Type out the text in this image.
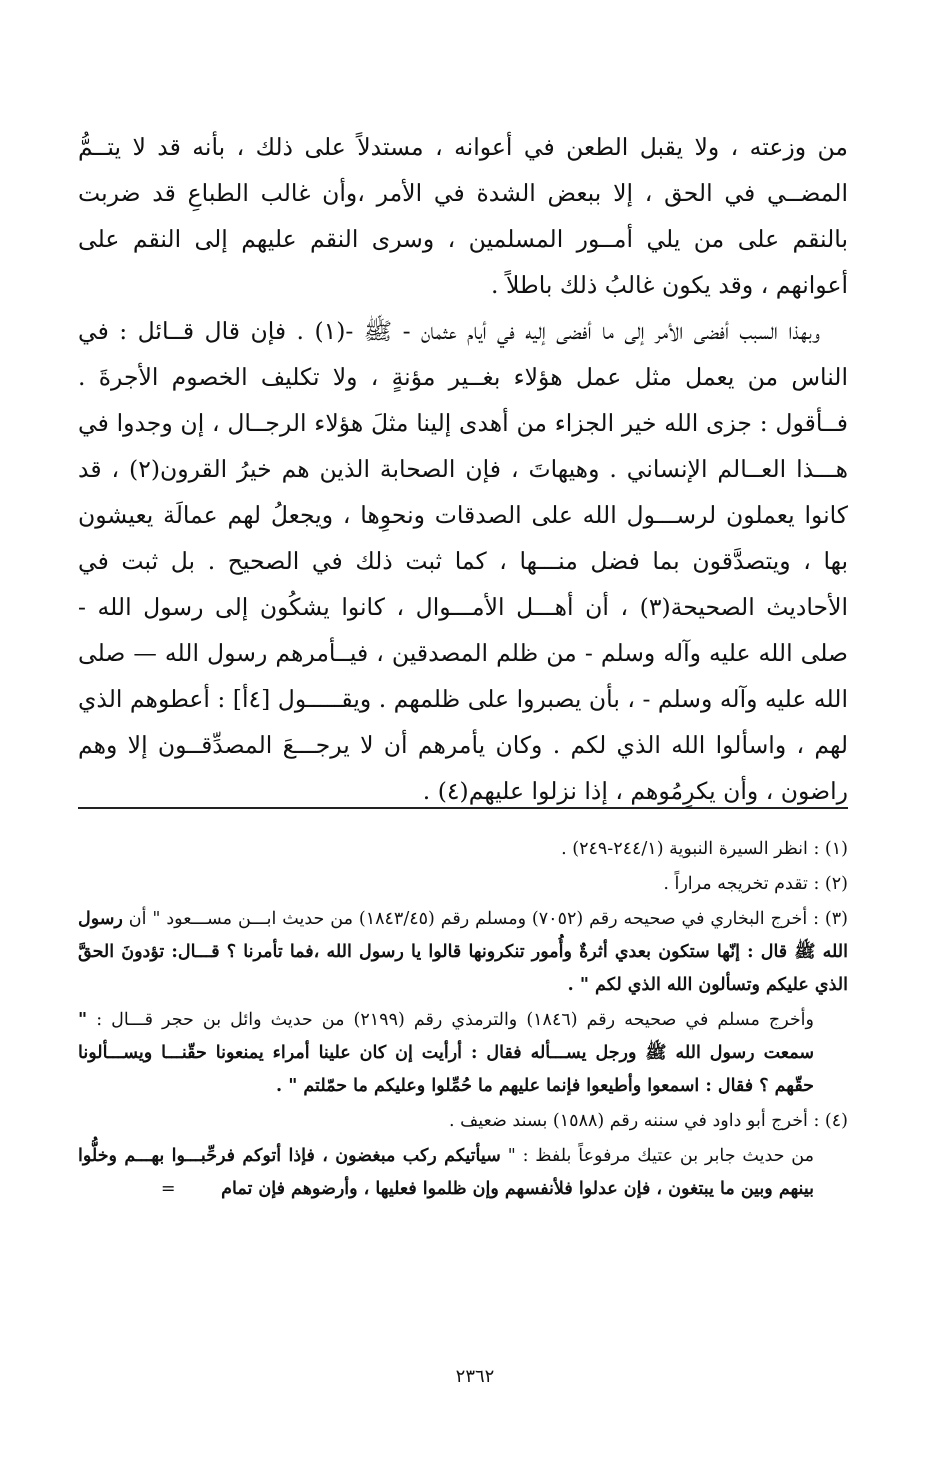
من وزعته ، ولا يقبل الطعن في أعوانه ، مستدلاً على ذلك ، بأنه قد لا يتــمُّ المضــي في الحق ، إلا ببعض الشدة في الأمر ،وأن غالب الطباعِ قد ضربت بالنقم على من يلي أمــور المسلمين ، وسرى النقم عليهم إلى النقم على أعوانهم ، وقد يكون غالبُ ذلك باطلاً .

وبهذا السبب أفضى الأمر إلى ما أفضى إليه في أيام عثمان - ﷺ -(١) . فإن قال قــائل : في الناس من يعمل مثل عمل هؤلاء بغــير مؤنةٍ ، ولا تكليف الخصوم الأجرةَ . فــأقول : جزى الله خير الجزاء من أهدى إلينا مثلَ هؤلاء الرجــال ، إن وجدوا في هـــذا العــالم الإنساني . وهيهاتَ ، فإن الصحابة الذين هم خيرُ القرون(٢) ، قد كانوا يعملون لرســـول الله على الصدقات ونحوِها ، ويجعلُ لهم عمالَة يعيشون بها ، ويتصدَّقون بما فضل منـــها ، كما ثبت ذلك في الصحيح . بل ثبت في الأحاديث الصحيحة(٣) ، أن أهـــل الأمـــوال ، كانوا يشكُون إلى رسول الله - صلى الله عليه وآله وسلم - من ظلم المصدقين ، فيــأمرهم رسول الله — صلى الله عليه وآله وسلم - ، بأن يصبروا على ظلمهم . ويقـــــول [٤أ] : أعطوهم الذي لهم ، واسألوا الله الذي لكم . وكان يأمرهم أن لا يرجـــعَ المصدِّقــون إلا وهم راضون ، وأن يكرِمُوهم ، إذا نزلوا عليهم(٤) .

(١) : انظر السيرة النبوية (٢٤٤/١-٢٤٩) .

(٢) : تقدم تخريجه مراراً .

(٣) : أخرج البخاري في صحيحه رقم (٧٠٥٢) ومسلم رقم (١٨٤٣/٤٥) من حديث ابـــن مســـعود " أن رسول الله ﷺ قال : إنّها ستكون بعدي أثرةٌ وأُمور تنكرونها قالوا يا رسول الله ،فما تأمرنا ؟ قـــال: تؤدونَ الحقَّ الذي عليكم وتسألون الله الذي لكم " .

وأخرج مسلم في صحيحه رقم (١٨٤٦) والترمذي رقم (٢١٩٩) من حديث وائل بن حجر قـــال : " سمعت رسول الله ﷺ ورجل يســـأله فقال : أرأيت إن كان علينا أمراء يمنعونا حقّنـــا ويســـألونا حقّهم ؟ فقال : اسمعوا وأطيعوا فإنما عليهم ما حُمِّلوا وعليكم ما حمّلتم " .

(٤) : أخرج أبو داود في سننه رقم (١٥٨٨) بسند ضعيف .

من حديث جابر بن عتيك مرفوعاً بلفظ : " سيأتيكم ركب مبغضون ، فإذا أتوكم فرحِّبـــوا بهـــم وخلُّوا بينهم وبين ما يبتغون ، فإن عدلوا فلأنفسهم وإن ظلموا فعليها ، وأرضوهم فإن تمام =

٢٣٦٢
